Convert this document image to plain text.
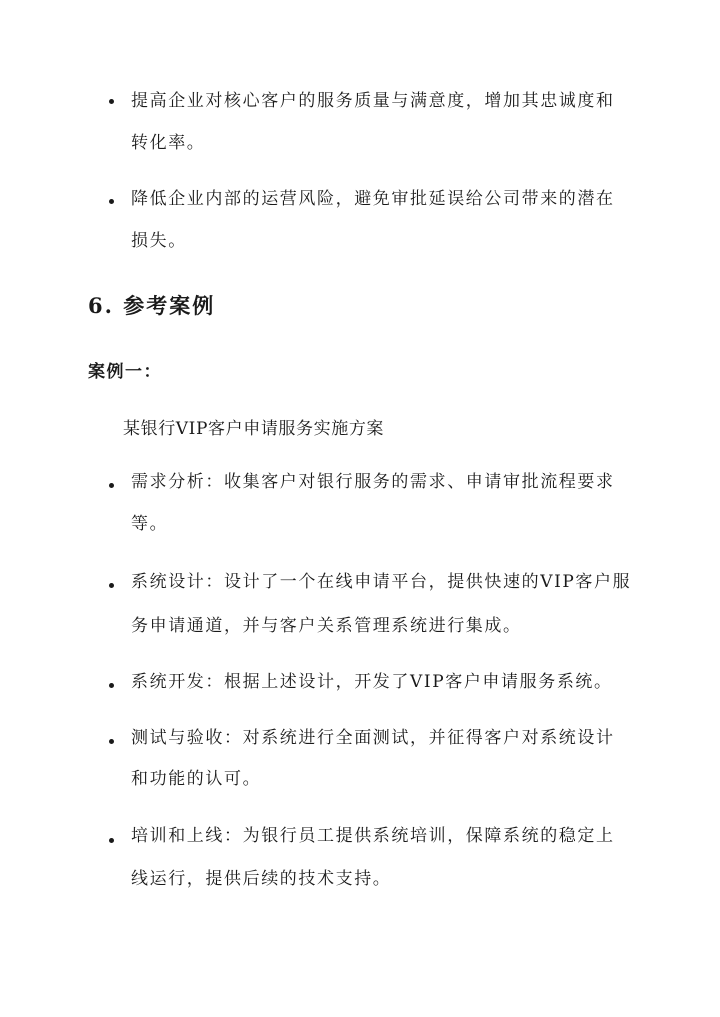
提高企业对核心客户的服务质量与满意度，增加其忠诚度和
转化率。
降低企业内部的运营风险，避免审批延误给公司带来的潜在
损失。
6. 参考案例
案例一：
某银行VIP客户申请服务实施方案
需求分析：收集客户对银行服务的需求、申请审批流程要求
等。
系统设计：设计了一个在线申请平台，提供快速的VIP客户服
务申请通道，并与客户关系管理系统进行集成。
系统开发：根据上述设计，开发了VIP客户申请服务系统。
测试与验收：对系统进行全面测试，并征得客户对系统设计
和功能的认可。
培训和上线：为银行员工提供系统培训，保障系统的稳定上
线运行，提供后续的技术支持。
